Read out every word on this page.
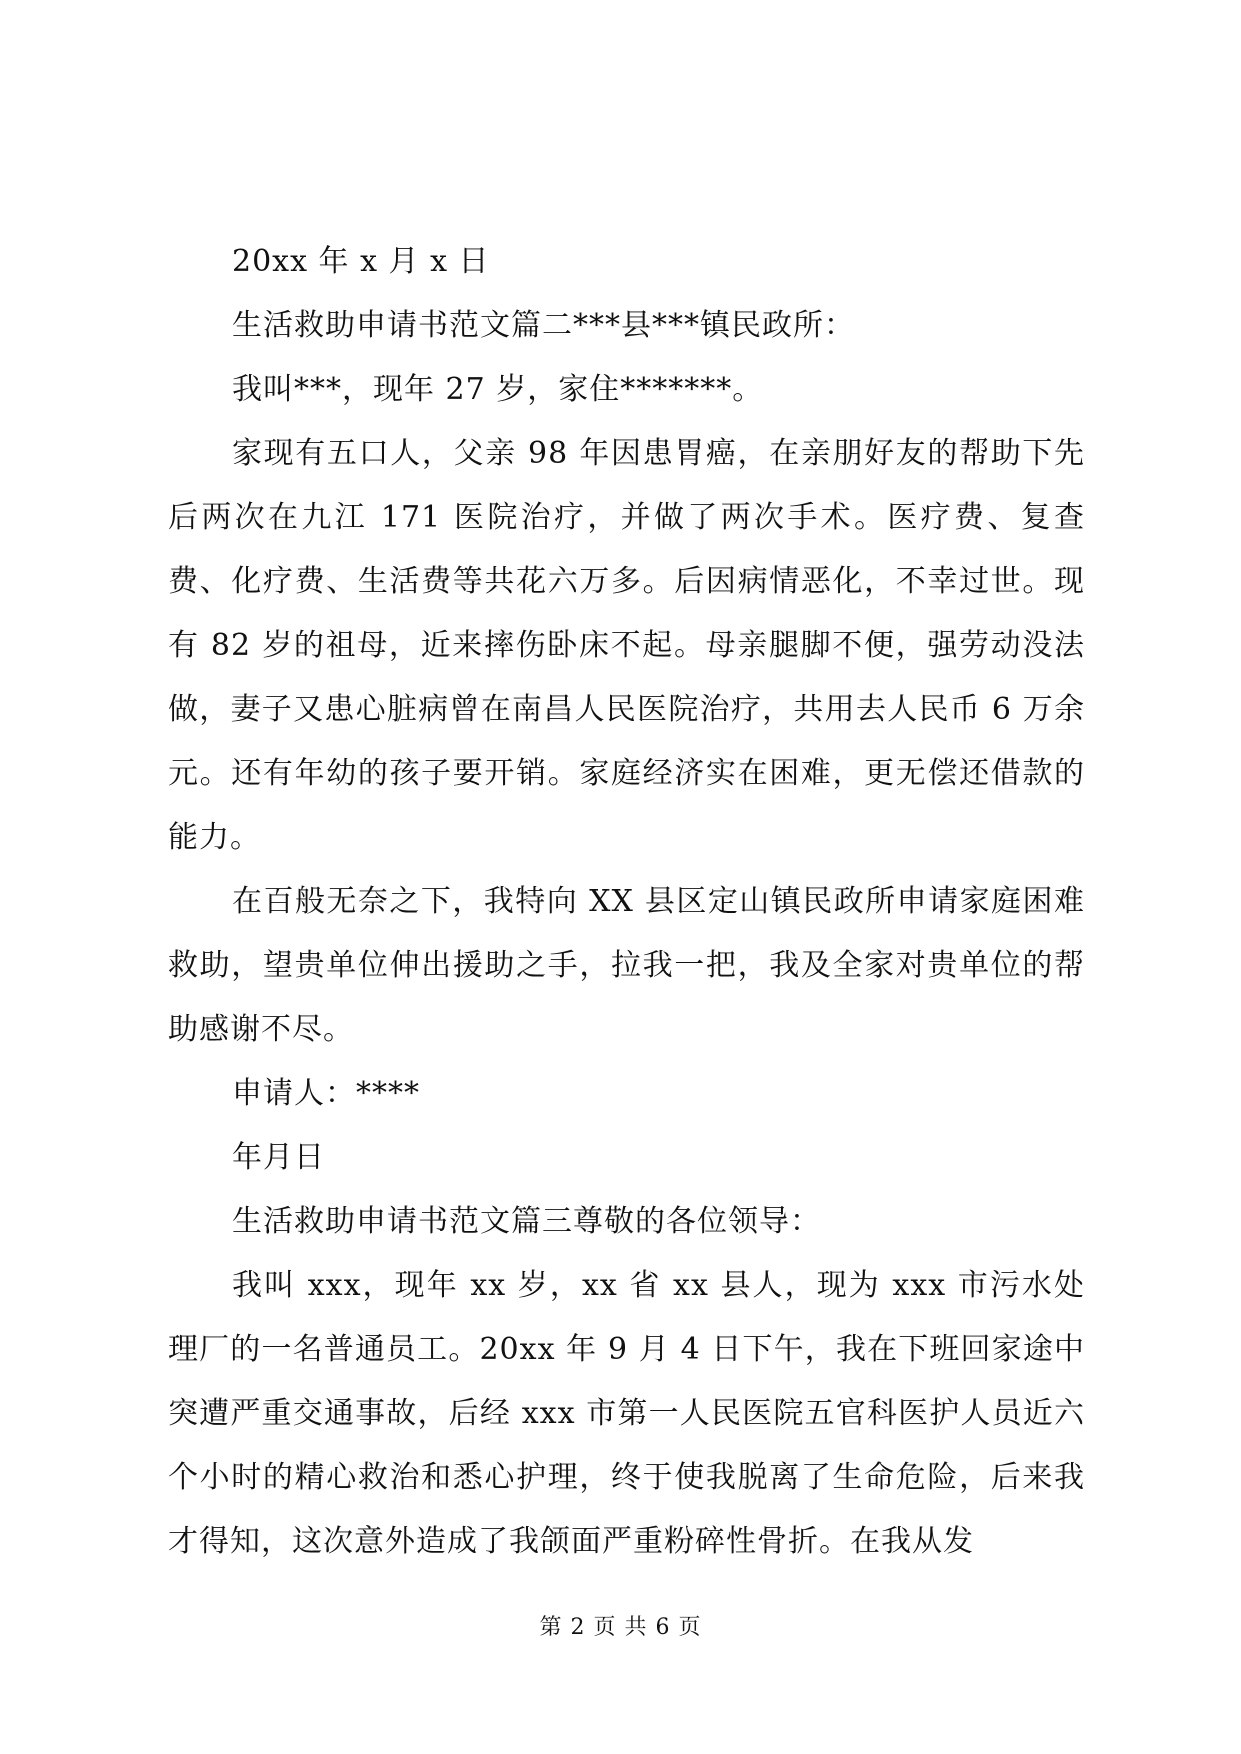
20xx 年 x 月 x 日

生活救助申请书范文篇二***县***镇民政所：

我叫***，现年 27 岁，家住*******。

家现有五口人，父亲 98 年因患胃癌，在亲朋好友的帮助下先后两次在九江 171 医院治疗，并做了两次手术。医疗费、复查费、化疗费、生活费等共花六万多。后因病情恶化，不幸过世。现有 82 岁的祖母，近来摔伤卧床不起。母亲腿脚不便，强劳动没法做，妻子又患心脏病曾在南昌人民医院治疗，共用去人民币 6 万余元。还有年幼的孩子要开销。家庭经济实在困难，更无偿还借款的能力。

在百般无奈之下，我特向 XX 县区定山镇民政所申请家庭困难救助，望贵单位伸出援助之手，拉我一把，我及全家对贵单位的帮助感谢不尽。

申请人：****

年月日

生活救助申请书范文篇三尊敬的各位领导：

我叫 xxx，现年 xx 岁，xx 省 xx 县人，现为 xxx 市污水处理厂的一名普通员工。20xx 年 9 月 4 日下午，我在下班回家途中突遭严重交通事故，后经 xxx 市第一人民医院五官科医护人员近六个小时的精心救治和悉心护理，终于使我脱离了生命危险，后来我才得知，这次意外造成了我颌面严重粉碎性骨折。在我从发

第 2 页 共 6 页
